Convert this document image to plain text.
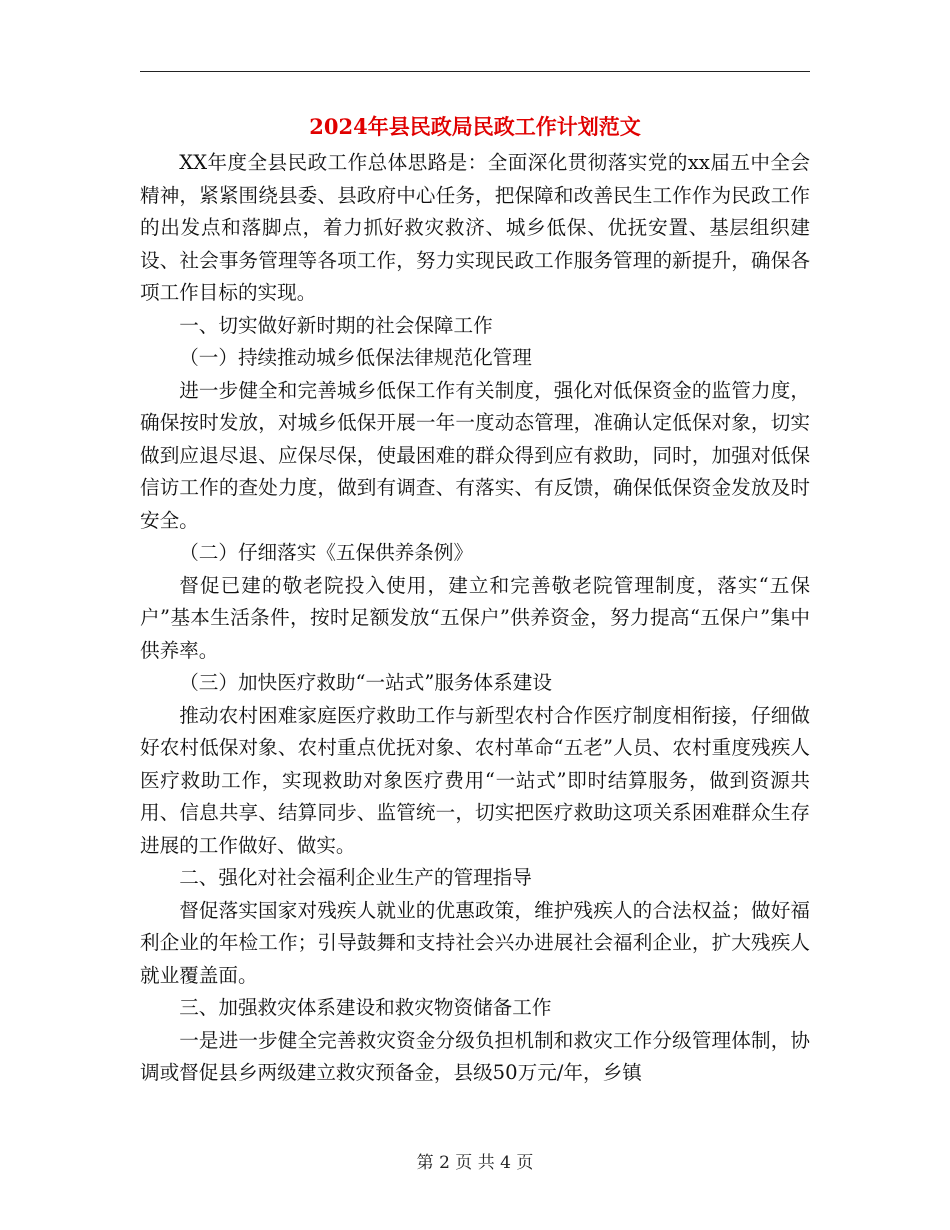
2024年县民政局民政工作计划范文

XX年度全县民政工作总体思路是：全面深化贯彻落实党的xx届五中全会精神，紧紧围绕县委、县政府中心任务，把保障和改善民生工作作为民政工作的出发点和落脚点，着力抓好救灾救济、城乡低保、优抚安置、基层组织建设、社会事务管理等各项工作，努力实现民政工作服务管理的新提升，确保各项工作目标的实现。

一、切实做好新时期的社会保障工作

（一）持续推动城乡低保法律规范化管理

进一步健全和完善城乡低保工作有关制度，强化对低保资金的监管力度，确保按时发放，对城乡低保开展一年一度动态管理，准确认定低保对象，切实做到应退尽退、应保尽保，使最困难的群众得到应有救助，同时，加强对低保信访工作的查处力度，做到有调查、有落实、有反馈，确保低保资金发放及时安全。

（二）仔细落实《五保供养条例》

督促已建的敬老院投入使用，建立和完善敬老院管理制度，落实“五保户”基本生活条件，按时足额发放“五保户”供养资金，努力提高“五保户”集中供养率。

（三）加快医疗救助“一站式”服务体系建设

推动农村困难家庭医疗救助工作与新型农村合作医疗制度相衔接，仔细做好农村低保对象、农村重点优抚对象、农村革命“五老”人员、农村重度残疾人医疗救助工作，实现救助对象医疗费用“一站式”即时结算服务，做到资源共用、信息共享、结算同步、监管统一，切实把医疗救助这项关系困难群众生存进展的工作做好、做实。

二、强化对社会福利企业生产的管理指导

督促落实国家对残疾人就业的优惠政策，维护残疾人的合法权益；做好福利企业的年检工作；引导鼓舞和支持社会兴办进展社会福利企业，扩大残疾人就业覆盖面。

三、加强救灾体系建设和救灾物资储备工作

一是进一步健全完善救灾资金分级负担机制和救灾工作分级管理体制，协调或督促县乡两级建立救灾预备金，县级50万元/年，乡镇

第 2 页 共 4 页
